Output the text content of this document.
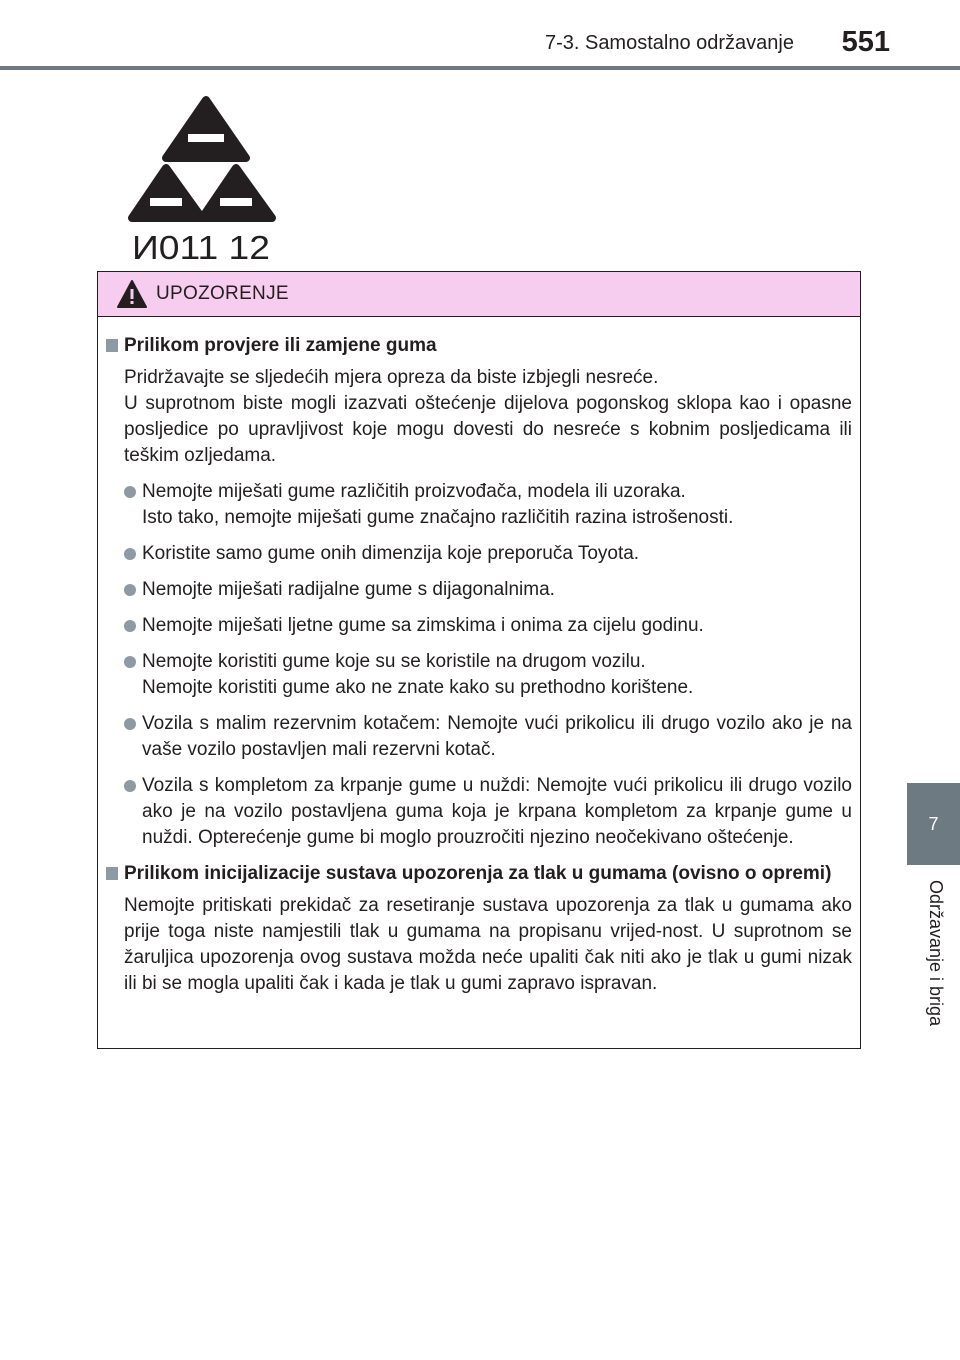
7-3. Samostalno održavanje 551
7
Održavanje i briga
И011 12
UPOZORENJE
Prilikom provjere ili zamjene guma
Pridržavajte se sljedećih mjera opreza da biste izbjegli nesreće.
U suprotnom biste mogli izazvati oštećenje dijelova pogonskog sklopa kao i opasne posljedice po upravljivost koje mogu dovesti do nesreće s kobnim posljedicama ili teškim ozljedama.
Nemojte miješati gume različitih proizvođača, modela ili uzoraka.
Isto tako, nemojte miješati gume značajno različitih razina istrošenosti.
Koristite samo gume onih dimenzija koje preporuča Toyota.
Nemojte miješati radijalne gume s dijagonalnima.
Nemojte miješati ljetne gume sa zimskima i onima za cijelu godinu.
Nemojte koristiti gume koje su se koristile na drugom vozilu.
Nemojte koristiti gume ako ne znate kako su prethodno korištene.
Vozila s malim rezervnim kotačem: Nemojte vući prikolicu ili drugo vozilo ako je na vaše vozilo postavljen mali rezervni kotač.
Vozila s kompletom za krpanje gume u nuždi: Nemojte vući prikolicu ili drugo vozilo ako je na vozilo postavljena guma koja je krpana kompletom za krpanje gume u nuždi. Opterećenje gume bi moglo prouzročiti njezino neočekivano oštećenje.
Prilikom inicijalizacije sustava upozorenja za tlak u gumama (ovisno o opremi)
Nemojte pritiskati prekidač za resetiranje sustava upozorenja za tlak u gumama ako prije toga niste namjestili tlak u gumama na propisanu vrijed-nost. U suprotnom se žaruljica upozorenja ovog sustava možda neće upaliti čak niti ako je tlak u gumi nizak ili bi se mogla upaliti čak i kada je tlak u gumi zapravo ispravan.
